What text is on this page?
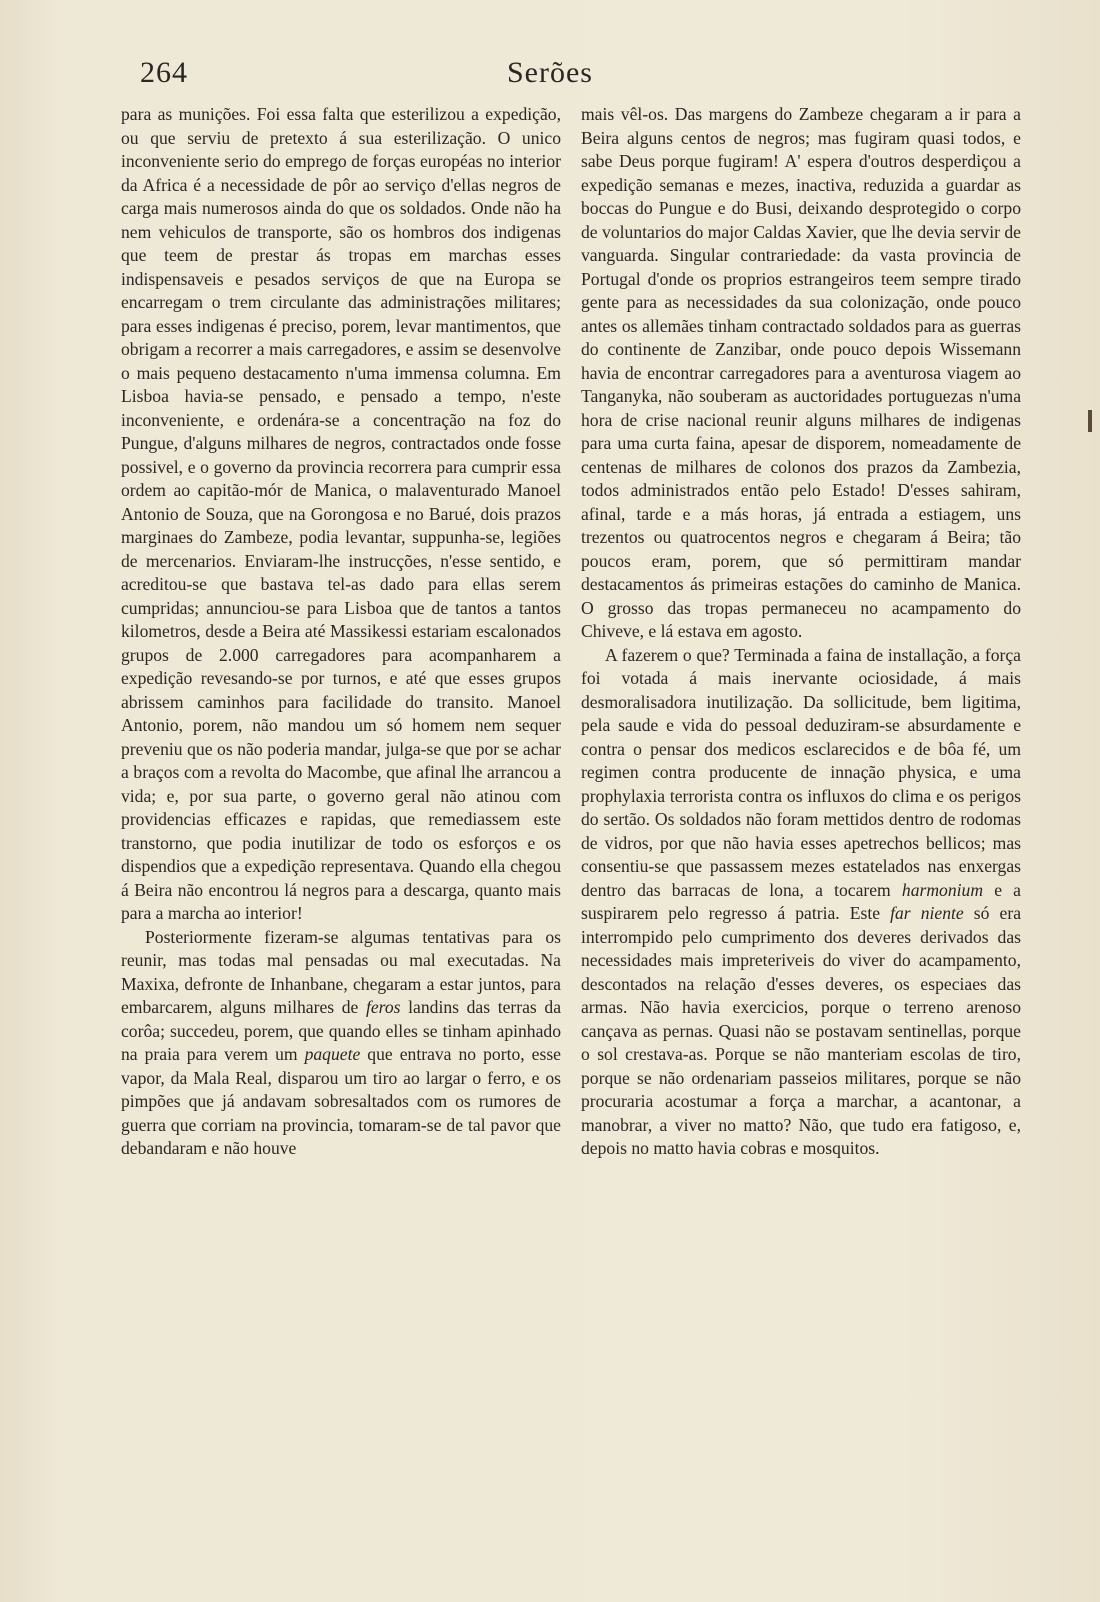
264	Serões

para as munições. Foi essa falta que esterilizou a expedição, ou que serviu de pretexto á sua esterilização. O unico inconveniente serio do emprego de forças européas no interior da Africa é a necessidade de pôr ao serviço d'ellas negros de carga mais numerosos ainda do que os soldados. Onde não ha nem vehiculos de transporte, são os hombros dos indigenas que teem de prestar ás tropas em marchas esses indispensaveis e pesados serviços de que na Europa se encarregam o trem circulante das administrações militares; para esses indigenas é preciso, porem, levar mantimentos, que obrigam a recorrer a mais carregadores, e assim se desenvolve o mais pequeno destacamento n'uma immensa columna. Em Lisboa havia-se pensado, e pensado a tempo, n'este inconveniente, e ordenára-se a concentração na foz do Pungue, d'alguns milhares de negros, contractados onde fosse possivel, e o governo da provincia recorrera para cumprir essa ordem ao capitão-mór de Manica, o malaventurado Manoel Antonio de Souza, que na Gorongosa e no Barué, dois prazos marginaes do Zambeze, podia levantar, suppunha-se, legiões de mercenarios. Enviaram-lhe instrucções, n'esse sentido, e acreditou-se que bastava tel-as dado para ellas serem cumpridas; annunciou-se para Lisboa que de tantos a tantos kilometros, desde a Beira até Massikessi estariam escalonados grupos de 2.000 carregadores para acompanharem a expedição revesando-se por turnos, e até que esses grupos abrissem caminhos para facilidade do transito. Manoel Antonio, porem, não mandou um só homem nem sequer preveniu que os não poderia mandar, julga-se que por se achar a braços com a revolta do Macombe, que afinal lhe arrancou a vida; e, por sua parte, o governo geral não atinou com providencias efficazes e rapidas, que remediassem este transtorno, que podia inutilizar de todo os esforços e os dispendios que a expedição representava. Quando ella chegou á Beira não encontrou lá negros para a descarga, quanto mais para a marcha ao interior!

Posteriormente fizeram-se algumas tentativas para os reunir, mas todas mal pensadas ou mal executadas. Na Maxixa, defronte de Inhanbane, chegaram a estar juntos, para embarcarem, alguns milhares de feros landins das terras da corôa; succedeu, porem, que quando elles se tinham apinhado na praia para verem um paquete que entrava no porto, esse vapor, da Mala Real, disparou um tiro ao largar o ferro, e os pimpões que já andavam sobresaltados com os rumores de guerra que corriam na provincia, tomaram-se de tal pavor que debandaram e não houve

mais vêl-os. Das margens do Zambeze chegaram a ir para a Beira alguns centos de negros; mas fugiram quasi todos, e sabe Deus porque fugiram! A' espera d'outros desperdiçou a expedição semanas e mezes, inactiva, reduzida a guardar as boccas do Pungue e do Busi, deixando desprotegido o corpo de voluntarios do major Caldas Xavier, que lhe devia servir de vanguarda. Singular contrariedade: da vasta provincia de Portugal d'onde os proprios estrangeiros teem sempre tirado gente para as necessidades da sua colonização, onde pouco antes os allemães tinham contractado soldados para as guerras do continente de Zanzibar, onde pouco depois Wissemann havia de encontrar carregadores para a aventurosa viagem ao Tanganyka, não souberam as auctoridades portuguezas n'uma hora de crise nacional reunir alguns milhares de indigenas para uma curta faina, apesar de disporem, nomeadamente de centenas de milhares de colonos dos prazos da Zambezia, todos administrados então pelo Estado! D'esses sahiram, afinal, tarde e a más horas, já entrada a estiagem, uns trezentos ou quatrocentos negros e chegaram á Beira; tão poucos eram, porem, que só permittiram mandar destacamentos ás primeiras estações do caminho de Manica. O grosso das tropas permaneceu no acampamento do Chiveve, e lá estava em agosto.

A fazerem o que? Terminada a faina de installação, a força foi votada á mais inervante ociosidade, á mais desmoralisadora inutilização. Da sollicitude, bem ligitima, pela saude e vida do pessoal deduziram-se absurdamente e contra o pensar dos medicos esclarecidos e de bôa fé, um regimen contra producente de innação physica, e uma prophylaxia terrorista contra os influxos do clima e os perigos do sertão. Os soldados não foram mettidos dentro de rodomas de vidros, por que não havia esses apetrechos bellicos; mas consentiu-se que passassem mezes estatelados nas enxergas dentro das barracas de lona, a tocarem harmonium e a suspirarem pelo regresso á patria. Este far niente só era interrompido pelo cumprimento dos deveres derivados das necessidades mais impreteriveis do viver do acampamento, descontados na relação d'esses deveres, os especiaes das armas. Não havia exercicios, porque o terreno arenoso cançava as pernas. Quasi não se postavam sentinellas, porque o sol crestava-as. Porque se não manteriam escolas de tiro, porque se não ordenariam passeios militares, porque se não procuraria acostumar a força a marchar, a acantonar, a manobrar, a viver no matto? Não, que tudo era fatigoso, e, depois no matto havia cobras e mosquitos.
